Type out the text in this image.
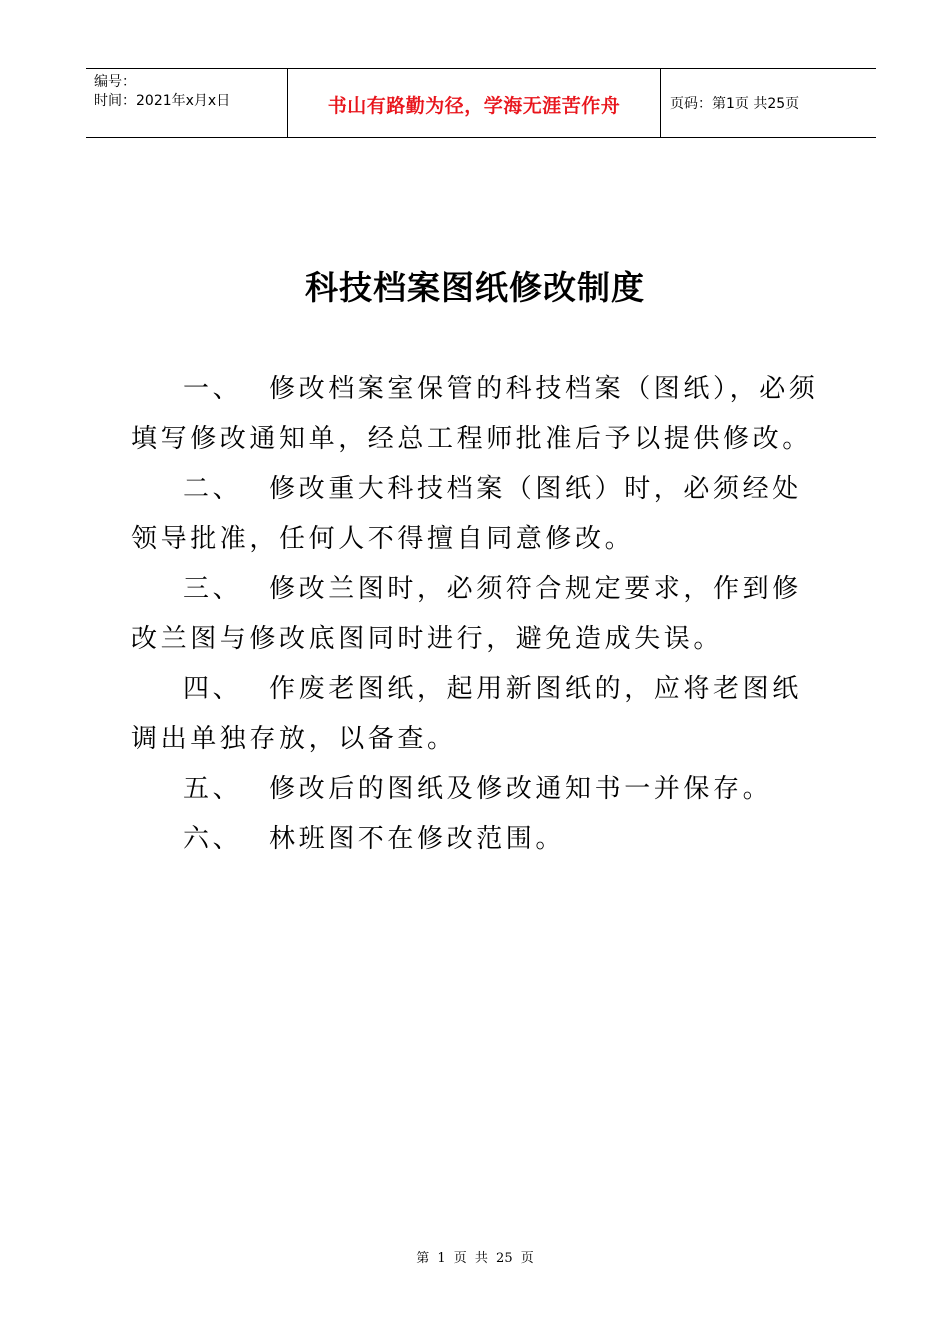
编号：
时间：2021年x月x日	书山有路勤为径，学海无涯苦作舟	页码：第1页 共25页
科技档案图纸修改制度

一、 修改档案室保管的科技档案（图纸），必须填写修改通知单，经总工程师批准后予以提供修改。

二、 修改重大科技档案（图纸）时，必须经处领导批准，任何人不得擅自同意修改。

三、 修改兰图时，必须符合规定要求，作到修改兰图与修改底图同时进行，避免造成失误。

四、 作废老图纸，起用新图纸的，应将老图纸调出单独存放，以备查。

五、 修改后的图纸及修改通知书一并保存。

六、 林班图不在修改范围。

第 1 页 共 25 页
